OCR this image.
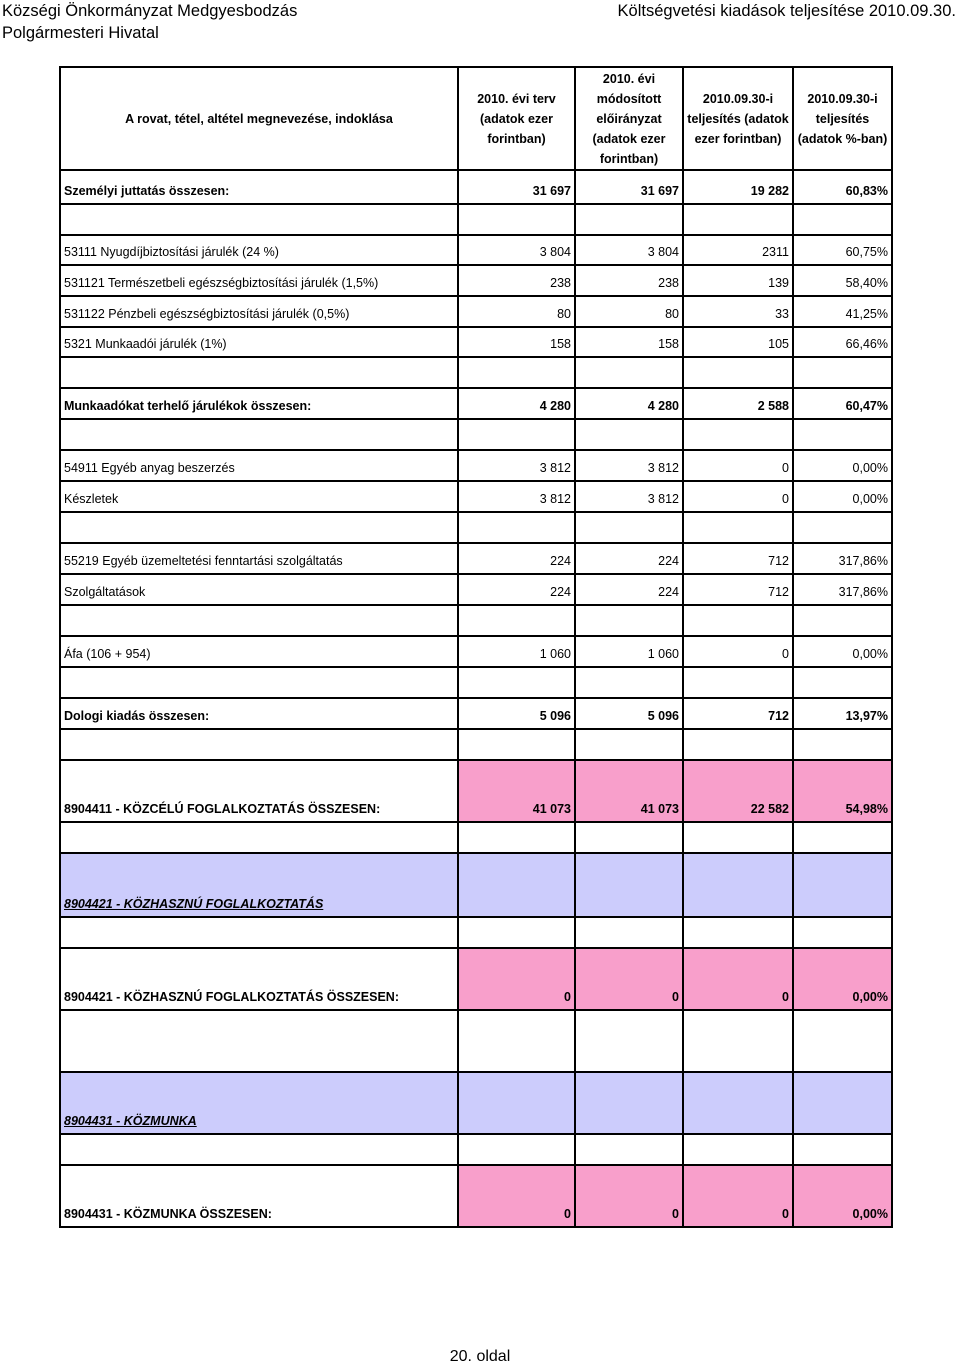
Községi Önkormányzat Medgyesbodzás
Polgármesteri Hivatal
Költségvetési kiadások teljesítése 2010.09.30.
A rovat, tétel, altétel megnevezése, indoklása	2010. évi terv (adatok ezer forintban)	2010. évi módosított előirányzat (adatok ezer forintban)	2010.09.30-i teljesítés (adatok ezer forintban)	2010.09.30-i teljesítés (adatok %-ban)

Személyi juttatás összesen:	31 697	31 697	19 282	60,83%

53111 Nyugdíjbiztosítási járulék (24 %)	3 804	3 804	2311	60,75%

531121 Természetbeli egészségbiztosítási járulék (1,5%)	238	238	139	58,40%

531122 Pénzbeli egészségbiztosítási járulék (0,5%)	80	80	33	41,25%

5321 Munkaadói járulék (1%)	158	158	105	66,46%

Munkaadókat terhelő járulékok összesen:	4 280	4 280	2 588	60,47%

54911 Egyéb anyag beszerzés	3 812	3 812	0	0,00%

Készletek	3 812	3 812	0	0,00%

55219 Egyéb üzemeltetési fenntartási szolgáltatás	224	224	712	317,86%

Szolgáltatások	224	224	712	317,86%

Áfa (106 + 954)	1 060	1 060	0	0,00%

Dologi kiadás összesen:	5 096	5 096	712	13,97%

8904411 - KÖZCÉLÚ FOGLALKOZTATÁS ÖSSZESEN:	41 073	41 073	22 582	54,98%

8904421 - KÖZHASZNÚ FOGLALKOZTATÁS				

8904421 - KÖZHASZNÚ FOGLALKOZTATÁS ÖSSZESEN:	0	0	0	0,00%

8904431 - KÖZMUNKA				

8904431 - KÖZMUNKA ÖSSZESEN:	0	0	0	0,00%
20. oldal
